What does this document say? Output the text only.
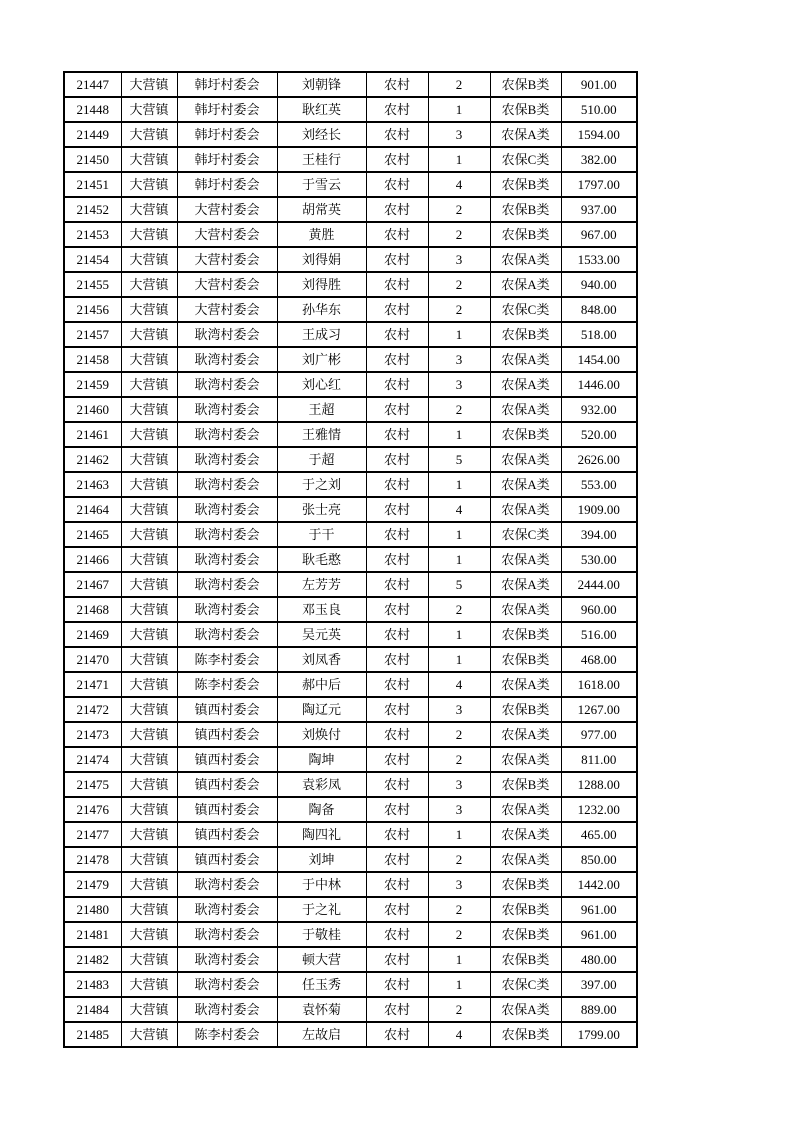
21447	大营镇	韩圩村委会	刘朝锋	农村	2	农保B类	901.00
21448	大营镇	韩圩村委会	耿红英	农村	1	农保B类	510.00
21449	大营镇	韩圩村委会	刘经长	农村	3	农保A类	1594.00
21450	大营镇	韩圩村委会	王桂行	农村	1	农保C类	382.00
21451	大营镇	韩圩村委会	于雪云	农村	4	农保B类	1797.00
21452	大营镇	大营村委会	胡常英	农村	2	农保B类	937.00
21453	大营镇	大营村委会	黄胜	农村	2	农保B类	967.00
21454	大营镇	大营村委会	刘得娟	农村	3	农保A类	1533.00
21455	大营镇	大营村委会	刘得胜	农村	2	农保A类	940.00
21456	大营镇	大营村委会	孙华东	农村	2	农保C类	848.00
21457	大营镇	耿湾村委会	王成习	农村	1	农保B类	518.00
21458	大营镇	耿湾村委会	刘广彬	农村	3	农保A类	1454.00
21459	大营镇	耿湾村委会	刘心红	农村	3	农保A类	1446.00
21460	大营镇	耿湾村委会	王超	农村	2	农保A类	932.00
21461	大营镇	耿湾村委会	王雅情	农村	1	农保B类	520.00
21462	大营镇	耿湾村委会	于超	农村	5	农保A类	2626.00
21463	大营镇	耿湾村委会	于之刘	农村	1	农保A类	553.00
21464	大营镇	耿湾村委会	张士亮	农村	4	农保A类	1909.00
21465	大营镇	耿湾村委会	于干	农村	1	农保C类	394.00
21466	大营镇	耿湾村委会	耿毛憨	农村	1	农保A类	530.00
21467	大营镇	耿湾村委会	左芳芳	农村	5	农保A类	2444.00
21468	大营镇	耿湾村委会	邓玉良	农村	2	农保A类	960.00
21469	大营镇	耿湾村委会	吴元英	农村	1	农保B类	516.00
21470	大营镇	陈李村委会	刘凤香	农村	1	农保B类	468.00
21471	大营镇	陈李村委会	郝中后	农村	4	农保A类	1618.00
21472	大营镇	镇西村委会	陶辽元	农村	3	农保B类	1267.00
21473	大营镇	镇西村委会	刘焕付	农村	2	农保A类	977.00
21474	大营镇	镇西村委会	陶坤	农村	2	农保A类	811.00
21475	大营镇	镇西村委会	袁彩凤	农村	3	农保B类	1288.00
21476	大营镇	镇西村委会	陶备	农村	3	农保A类	1232.00
21477	大营镇	镇西村委会	陶四礼	农村	1	农保A类	465.00
21478	大营镇	镇西村委会	刘坤	农村	2	农保A类	850.00
21479	大营镇	耿湾村委会	于中林	农村	3	农保B类	1442.00
21480	大营镇	耿湾村委会	于之礼	农村	2	农保B类	961.00
21481	大营镇	耿湾村委会	于敬桂	农村	2	农保B类	961.00
21482	大营镇	耿湾村委会	顿大营	农村	1	农保B类	480.00
21483	大营镇	耿湾村委会	任玉秀	农村	1	农保C类	397.00
21484	大营镇	耿湾村委会	袁怀菊	农村	2	农保A类	889.00
21485	大营镇	陈李村委会	左故启	农村	4	农保B类	1799.00
